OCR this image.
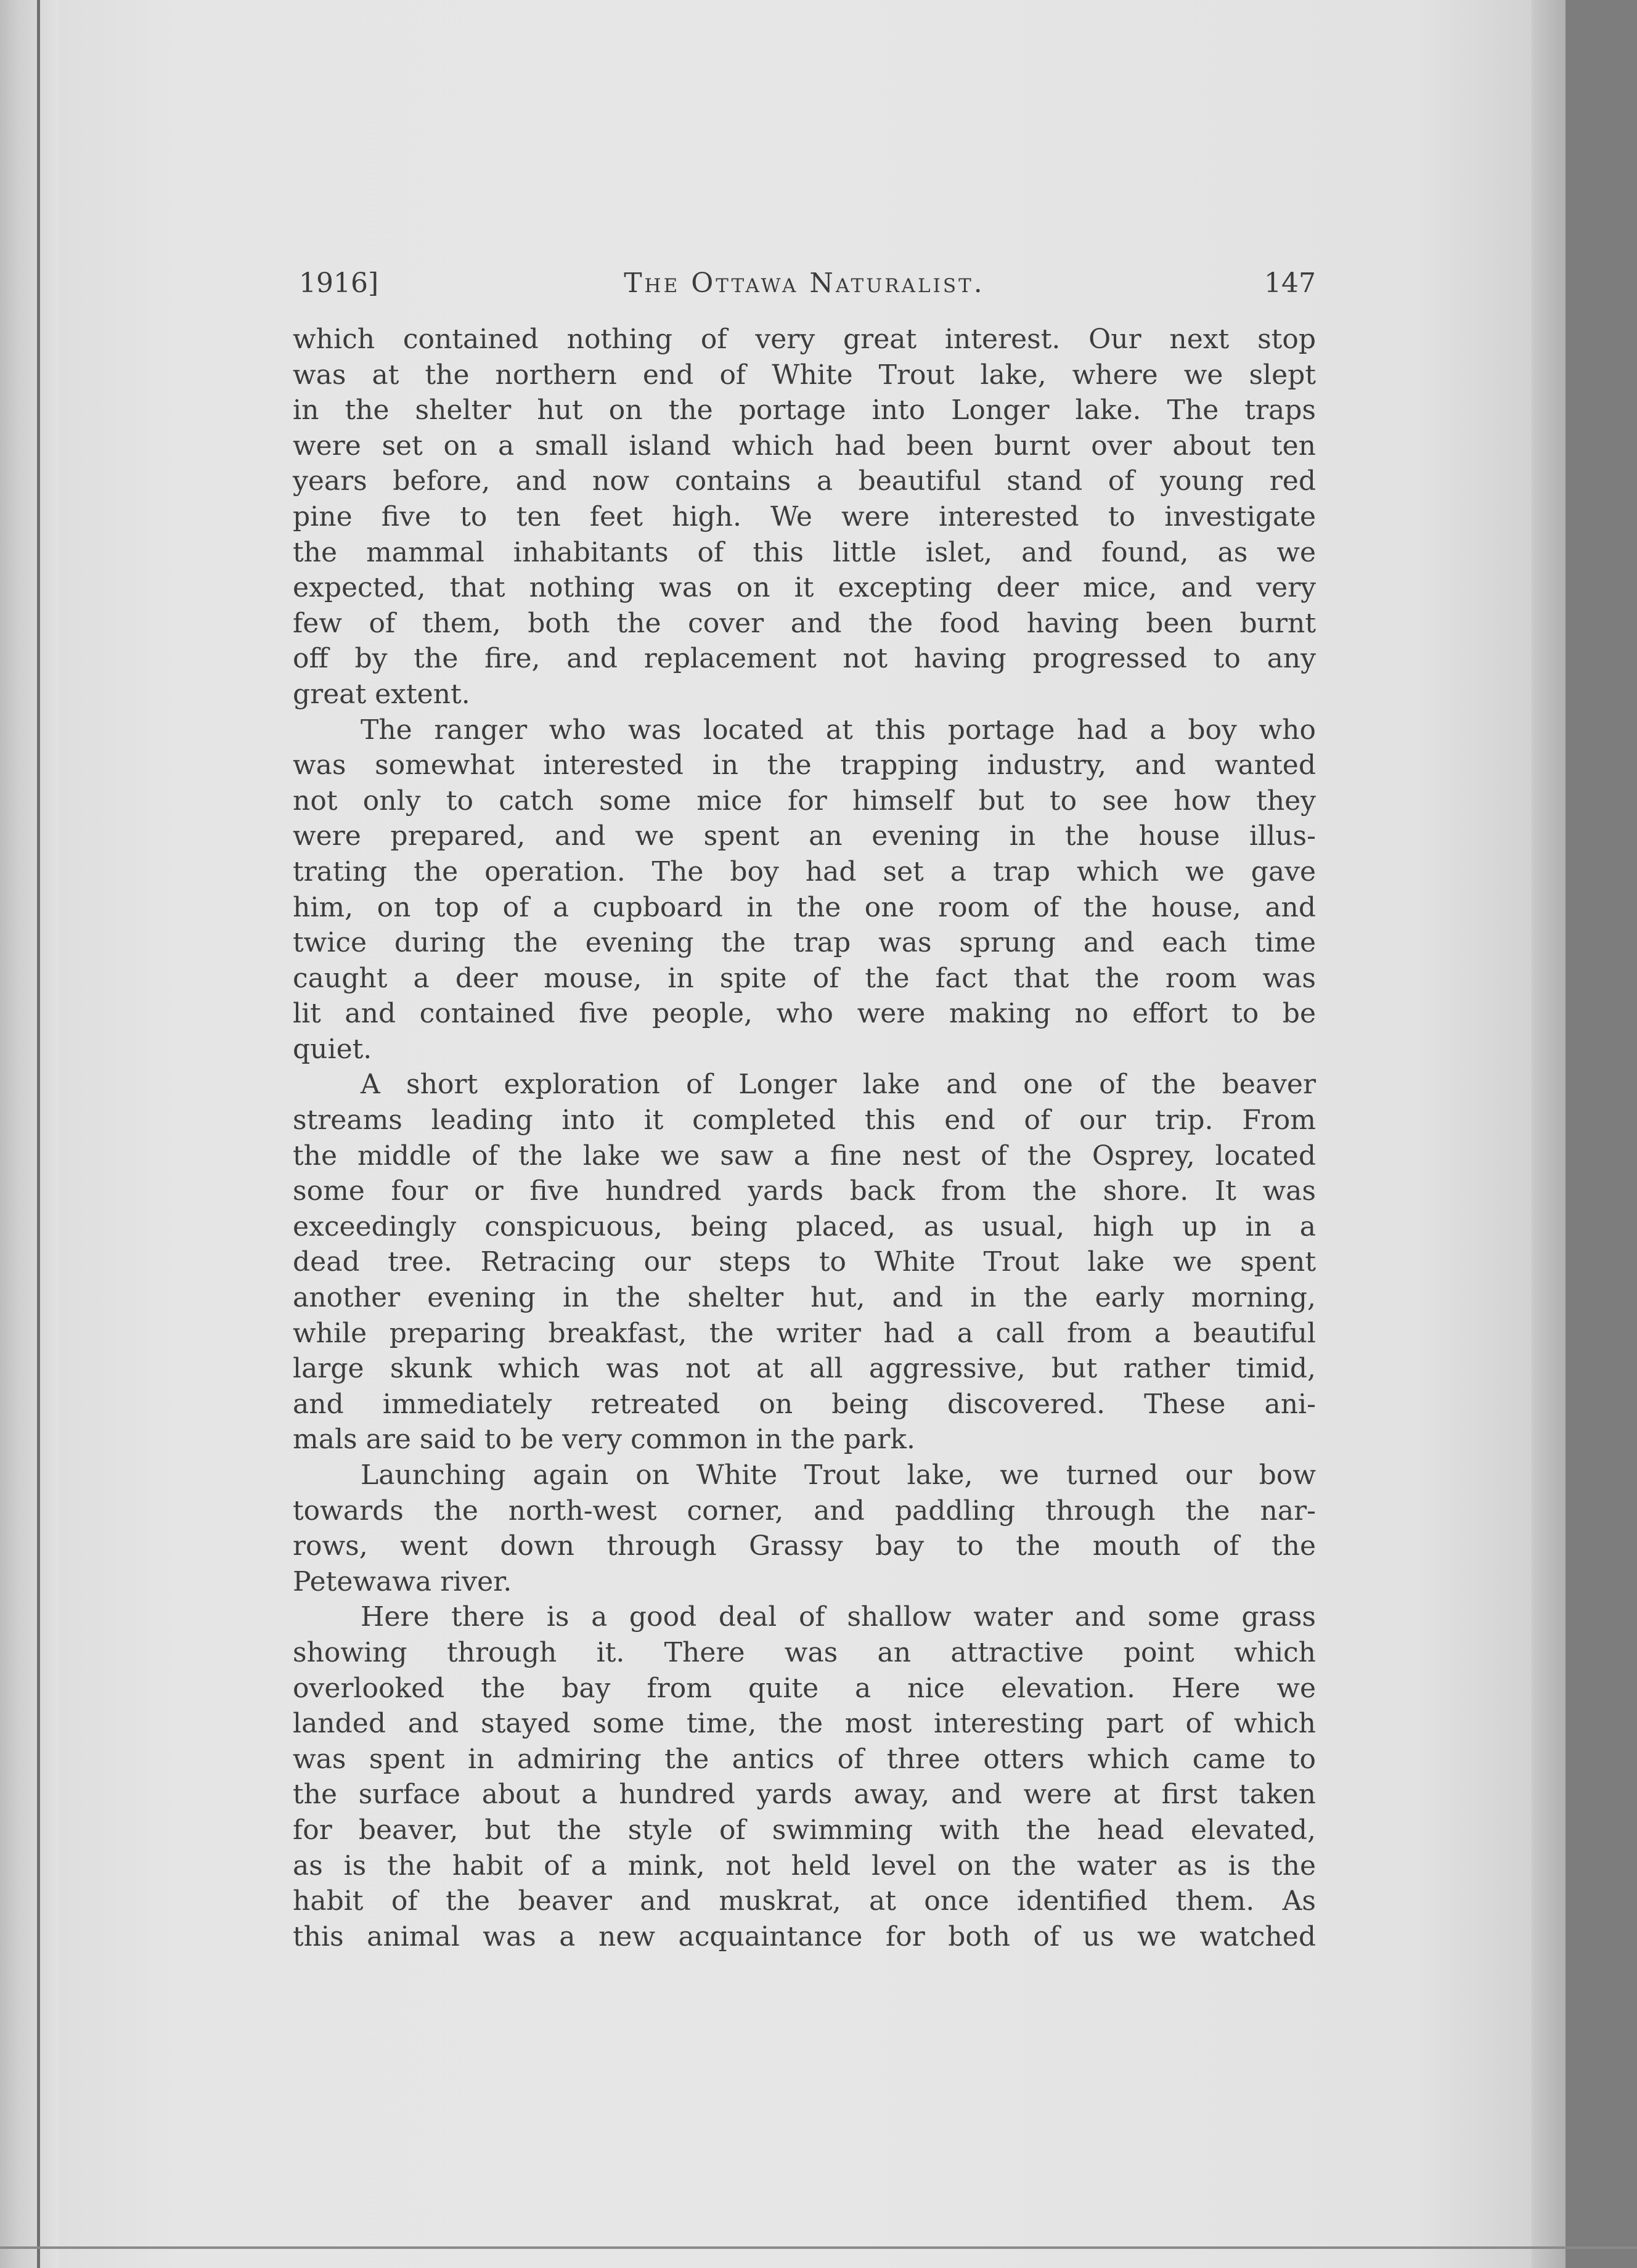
1916]	The Ottawa Naturalist.	147

which contained nothing of very great interest. Our next stop
was at the northern end of White Trout lake, where we slept
in the shelter hut on the portage into Longer lake. The traps
were set on a small island which had been burnt over about ten
years before, and now contains a beautiful stand of young red
pine five to ten feet high. We were interested to investigate
the mammal inhabitants of this little islet, and found, as we
expected, that nothing was on it excepting deer mice, and very
few of them, both the cover and the food having been burnt
off by the fire, and replacement not having progressed to any
great extent.

The ranger who was located at this portage had a boy who
was somewhat interested in the trapping industry, and wanted
not only to catch some mice for himself but to see how they
were prepared, and we spent an evening in the house illus-
trating the operation. The boy had set a trap which we gave
him, on top of a cupboard in the one room of the house, and
twice during the evening the trap was sprung and each time
caught a deer mouse, in spite of the fact that the room was
lit and contained five people, who were making no effort to be
quiet.

A short exploration of Longer lake and one of the beaver
streams leading into it completed this end of our trip. From
the middle of the lake we saw a fine nest of the Osprey, located
some four or five hundred yards back from the shore. It was
exceedingly conspicuous, being placed, as usual, high up in a
dead tree. Retracing our steps to White Trout lake we spent
another evening in the shelter hut, and in the early morning,
while preparing breakfast, the writer had a call from a beautiful
large skunk which was not at all aggressive, but rather timid,
and immediately retreated on being discovered. These ani-
mals are said to be very common in the park.

Launching again on White Trout lake, we turned our bow
towards the north-west corner, and paddling through the nar-
rows, went down through Grassy bay to the mouth of the
Petewawa river.

Here there is a good deal of shallow water and some grass
showing through it. There was an attractive point which
overlooked the bay from quite a nice elevation. Here we
landed and stayed some time, the most interesting part of which
was spent in admiring the antics of three otters which came to
the surface about a hundred yards away, and were at first taken
for beaver, but the style of swimming with the head elevated,
as is the habit of a mink, not held level on the water as is the
habit of the beaver and muskrat, at once identified them. As
this animal was a new acquaintance for both of us we watched
